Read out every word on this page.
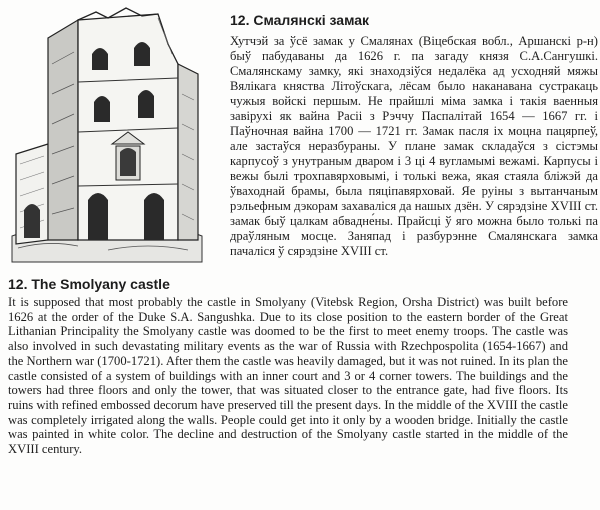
12. Смалянскі замак

Хутчэй за ўсё замак у Смалянах (Віцебская вобл., Аршанскі р-н) быў пабудаваны да 1626 г. па загаду князя С.А.Сангушкі. Смалянскаму замку, які знаходзіўся недалёка ад усходняй мяжы Вялікага княства Літоўскага, лёсам было наканавана сустракаць чужыя войскі першым. Не прайшлі міма замка і такія ваенныя завірухі як вайна Расіі з Рэччу Паспалітай 1654 — 1667 гг. і Паўночная вайна 1700 — 1721 гг. Замак пасля іх моцна пацярпеў, але застаўся неразбураны. У плане замак складаўся з сістэмы карпусоў з унутраным дваром і 3 ці 4 вугламымі вежамі. Карпусы і вежы былі трохпавярховымі, і толькі вежа, якая стаяла бліжэй да ўваходнай брамы, была пяціпавярховай. Яе руіны з вытанчаным рэльефным дэкорам захаваліся да нашых дзён. У сярэдзіне XVIII ст. замак быў цалкам абвадне́ны. Прайсці ў яго можна было толькі па драўляным мосце. Заняпад і разбурэнне Смалянскага замка пачаліся ў сярэдзіне XVIII ст.

12. The Smolyany castle

It is supposed that most probably the castle in Smolyany (Vitebsk Region, Orsha District) was built before 1626 at the order of the Duke S.A. Sangushka. Due to its close position to the eastern border of the Great Lithanian Principality the Smolyany castle was doomed to be the first to meet enemy troops. The castle was also involved in such devastating military events as the war of Russia with Rzechpospolita (1654-1667) and the Northern war (1700-1721). After them the castle was heavily damaged, but it was not ruined. In its plan the castle consisted of a system of buildings with an inner court and 3 or 4 corner towers. The buildings and the towers had three floors and only the tower, that was situated closer to the entrance gate, had five floors. Its ruins with refined embossed decorum have preserved till the present days. In the middle of the XVIII the castle was completely irrigated along the walls. People could get into it only by a wooden bridge. Initially the castle was painted in white color. The decline and destruction of the Smolyany castle started in the middle of the XVIII century.
